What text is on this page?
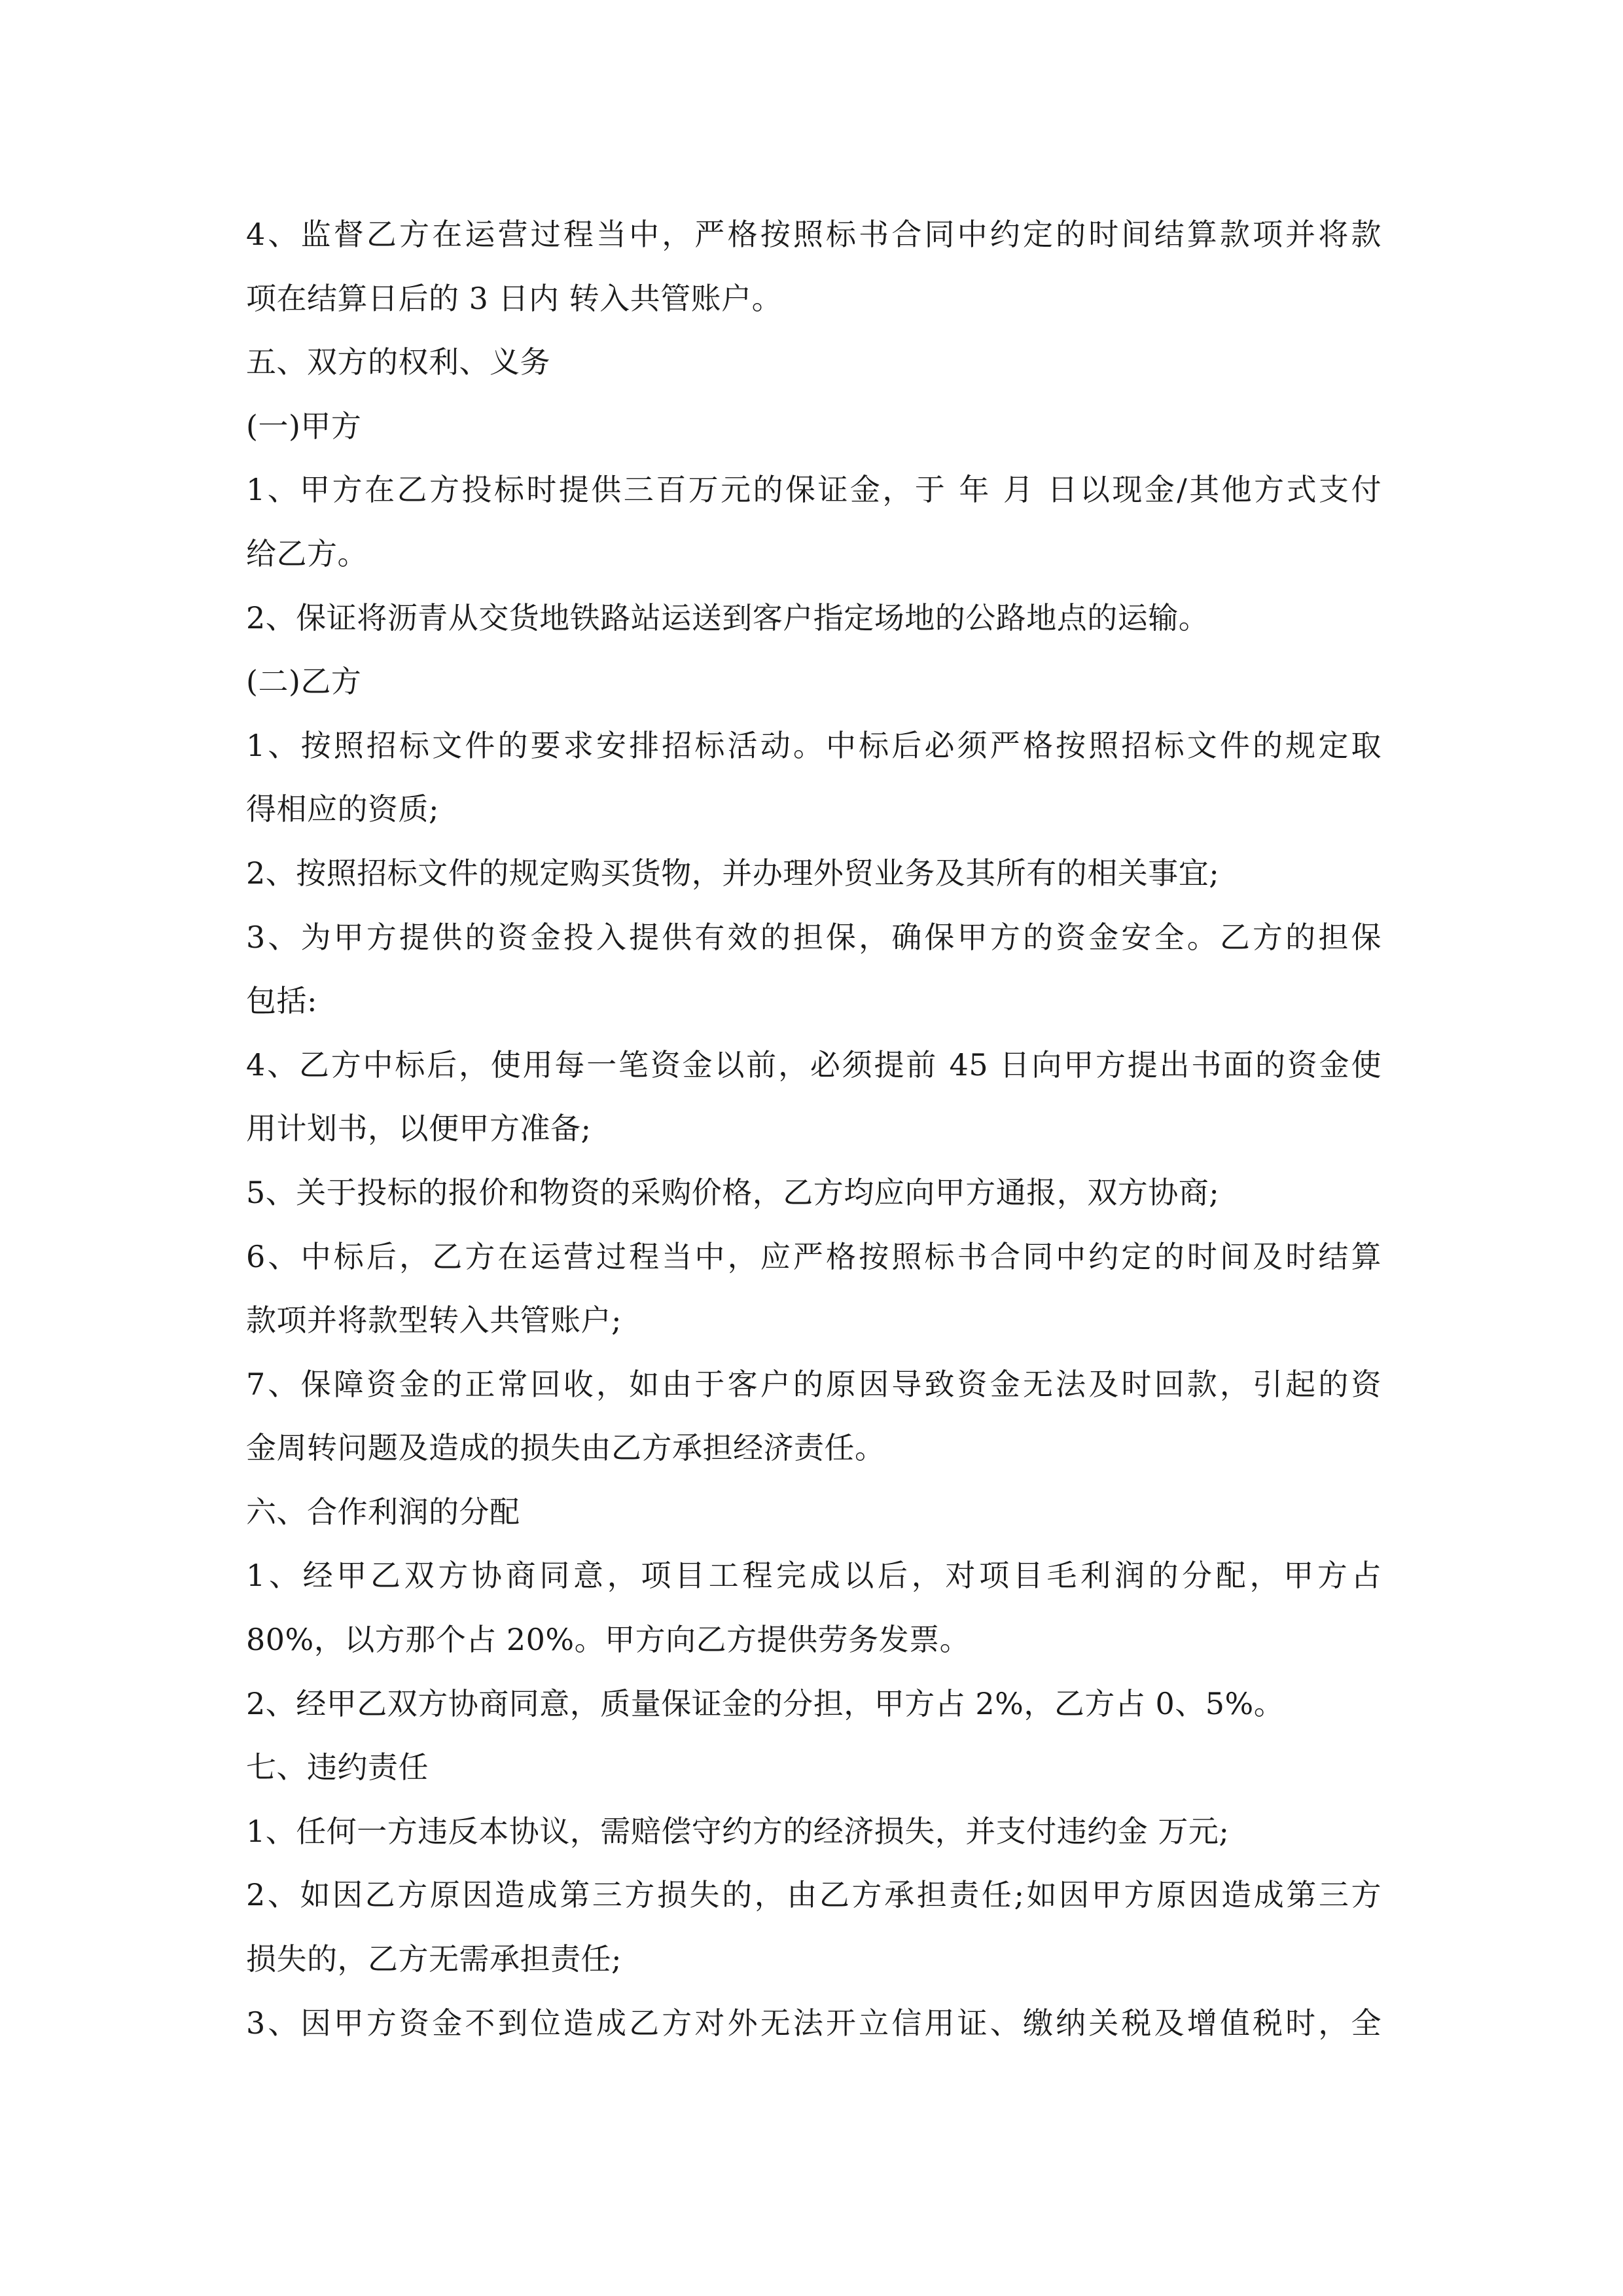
4、监督乙方在运营过程当中，严格按照标书合同中约定的时间结算款项并将款
项在结算日后的 3 日内 转入共管账户。
五、双方的权利、义务
(一)甲方
1、甲方在乙方投标时提供三百万元的保证金，于 年 月 日以现金/其他方式支付
给乙方。
2、保证将沥青从交货地铁路站运送到客户指定场地的公路地点的运输。
(二)乙方
1、按照招标文件的要求安排招标活动。中标后必须严格按照招标文件的规定取
得相应的资质;
2、按照招标文件的规定购买货物，并办理外贸业务及其所有的相关事宜;
3、为甲方提供的资金投入提供有效的担保，确保甲方的资金安全。乙方的担保
包括:
4、乙方中标后，使用每一笔资金以前，必须提前 45 日向甲方提出书面的资金使
用计划书，以便甲方准备;
5、关于投标的报价和物资的采购价格，乙方均应向甲方通报，双方协商;
6、中标后，乙方在运营过程当中，应严格按照标书合同中约定的时间及时结算
款项并将款型转入共管账户;
7、保障资金的正常回收，如由于客户的原因导致资金无法及时回款，引起的资
金周转问题及造成的损失由乙方承担经济责任。
六、合作利润的分配
1、经甲乙双方协商同意，项目工程完成以后，对项目毛利润的分配，甲方占
80%，以方那个占 20%。甲方向乙方提供劳务发票。
2、经甲乙双方协商同意，质量保证金的分担，甲方占 2%，乙方占 0、5%。
七、违约责任
1、任何一方违反本协议，需赔偿守约方的经济损失，并支付违约金 万元;
2、如因乙方原因造成第三方损失的，由乙方承担责任;如因甲方原因造成第三方
损失的，乙方无需承担责任;
3、因甲方资金不到位造成乙方对外无法开立信用证、缴纳关税及增值税时，全
